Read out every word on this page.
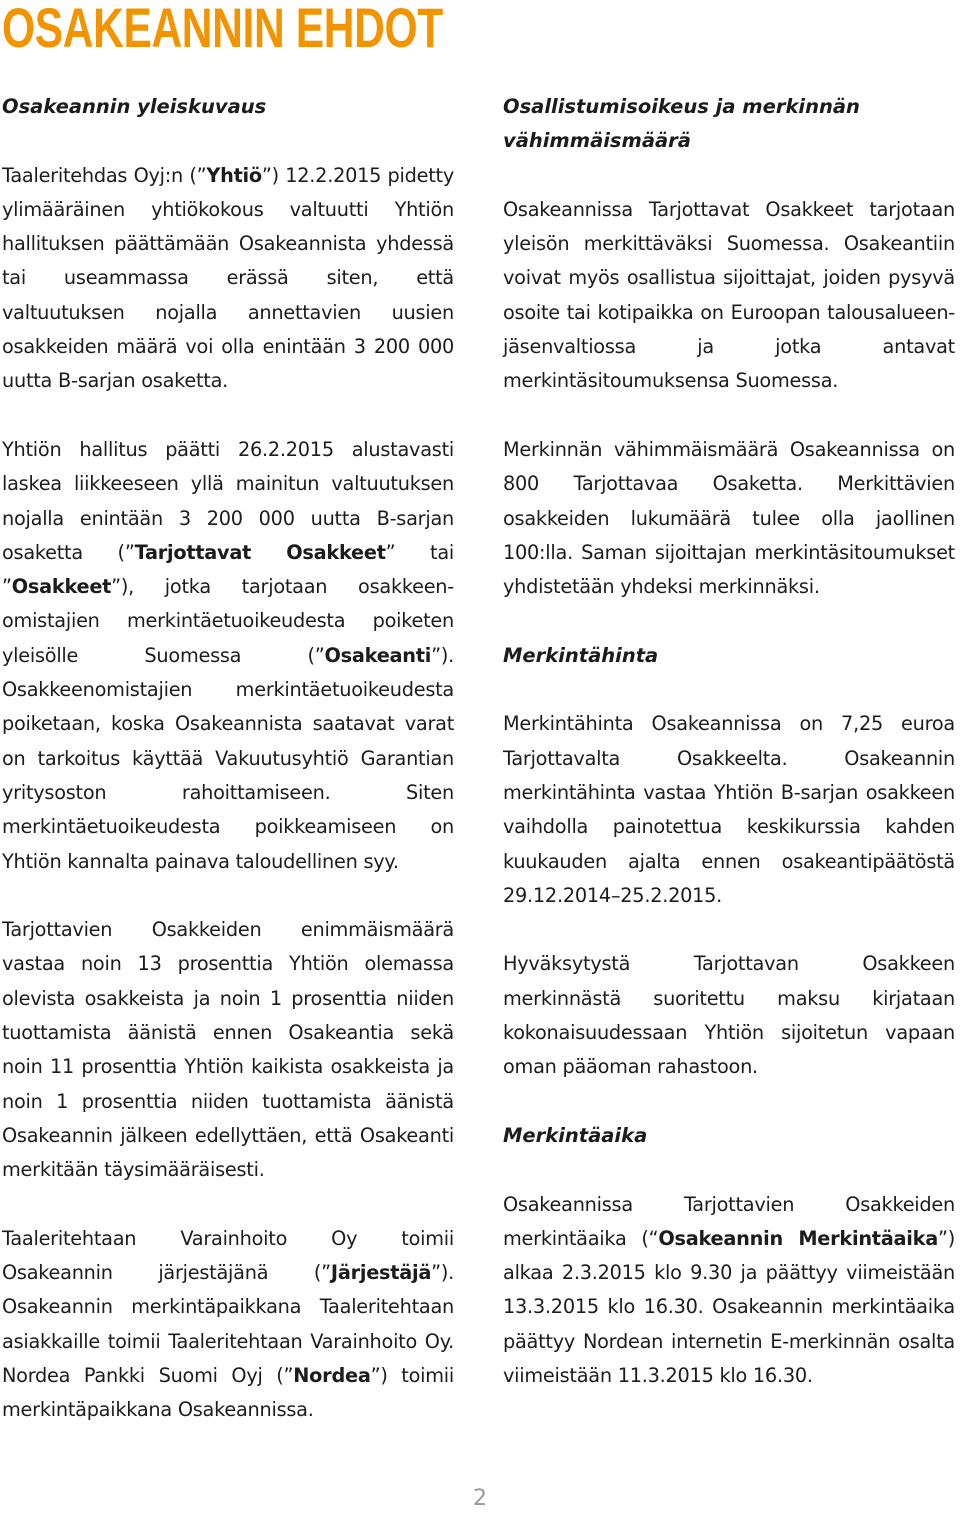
OSAKEANNIN EHDOT

Osakeannin yleiskuvaus

Taaleritehdas Oyj:n (”Yhtiö”) 12.2.2015 pidetty ylimääräinen yhtiökokous valtuutti Yhtiön hallituksen päättämään Osakeannista yhdessä tai useammassa erässä siten, että valtuutuksen nojalla annettavien uusien osakkeiden määrä voi olla enintään 3 200 000 uutta B-sarjan osaketta.

Yhtiön hallitus päätti 26.2.2015 alustavasti laskea liikkeeseen yllä mainitun valtuutuksen nojalla enintään 3 200 000 uutta B-sarjan osaketta (”Tarjottavat Osakkeet” tai ”Osakkeet”), jotka tarjotaan osakkeen-omistajien merkintäetuoikeudesta poiketen yleisölle Suomessa (”Osakeanti”). Osakkeenomistajien merkintäetuoikeudesta poiketaan, koska Osakeannista saatavat varat on tarkoitus käyttää Vakuutusyhtiö Garantian yritysoston rahoittamiseen. Siten merkintäetuoikeudesta poikkeamiseen on Yhtiön kannalta painava taloudellinen syy.

Tarjottavien Osakkeiden enimmäismäärä vastaa noin 13 prosenttia Yhtiön olemassa olevista osakkeista ja noin 1 prosenttia niiden tuottamista äänistä ennen Osakeantia sekä noin 11 prosenttia Yhtiön kaikista osakkeista ja noin 1 prosenttia niiden tuottamista äänistä Osakeannin jälkeen edellyttäen, että Osakeanti merkitään täysimääräisesti.

Taaleritehtaan Varainhoito Oy toimii Osakeannin järjestäjänä (”Järjestäjä”). Osakeannin merkintäpaikkana Taaleritehtaan asiakkaille toimii Taaleritehtaan Varainhoito Oy. Nordea Pankki Suomi Oyj (”Nordea”) toimii merkintäpaikkana Osakeannissa.

Osallistumisoikeus ja merkinnän vähimmäismäärä

Osakeannissa Tarjottavat Osakkeet tarjotaan yleisön merkittäväksi Suomessa. Osakeantiin voivat myös osallistua sijoittajat, joiden pysyvä osoite tai kotipaikka on Euroopan talousalueen-jäsenvaltiossa ja jotka antavat merkintäsitoumuksensa Suomessa.

Merkinnän vähimmäismäärä Osakeannissa on 800 Tarjottavaa Osaketta. Merkittävien osakkeiden lukumäärä tulee olla jaollinen 100:lla. Saman sijoittajan merkintäsitoumukset yhdistetään yhdeksi merkinnäksi.

Merkintähinta

Merkintähinta Osakeannissa on 7,25 euroa Tarjottavalta Osakkeelta. Osakeannin merkintähinta vastaa Yhtiön B-sarjan osakkeen vaihdolla painotettua keskikurssia kahden kuukauden ajalta ennen osakeantipäätöstä 29.12.2014–25.2.2015.

Hyväksytystä Tarjottavan Osakkeen merkinnästä suoritettu maksu kirjataan kokonaisuudessaan Yhtiön sijoitetun vapaan oman pääoman rahastoon.

Merkintäaika

Osakeannissa Tarjottavien Osakkeiden merkintäaika (“Osakeannin Merkintäaika”) alkaa 2.3.2015 klo 9.30 ja päättyy viimeistään 13.3.2015 klo 16.30. Osakeannin merkintäaika päättyy Nordean internetin E-merkinnän osalta viimeistään 11.3.2015 klo 16.30.

2
